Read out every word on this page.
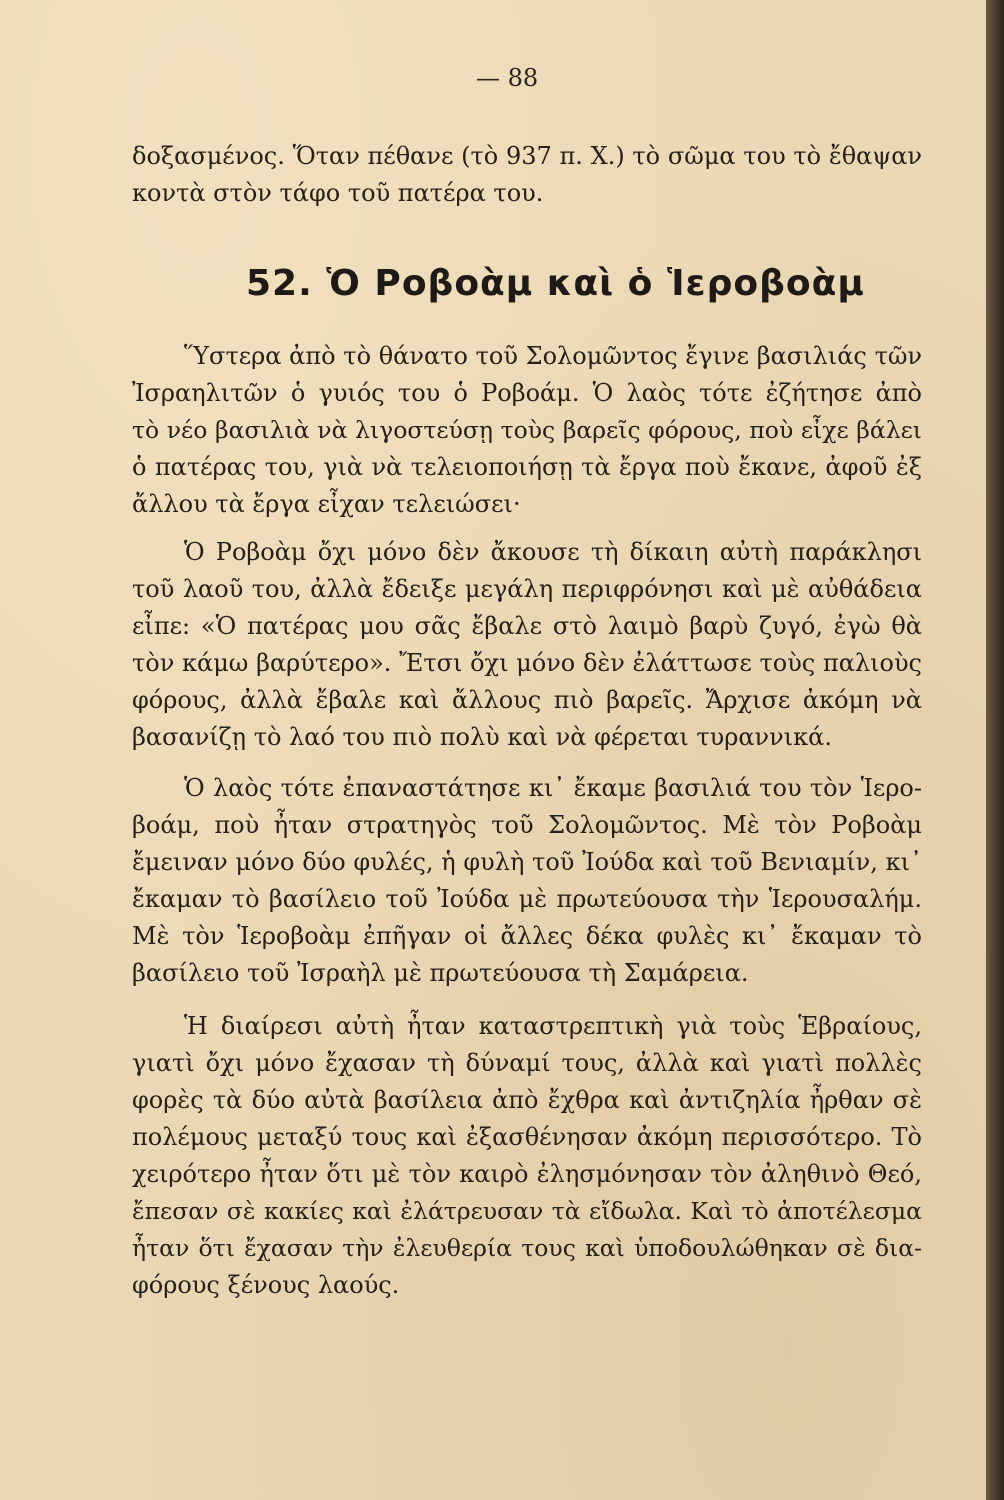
— 88
δοξασμένος. Ὅταν πέθανε (τὸ 937 π. Χ.) τὸ σῶμα του τὸ ἔθαψαν
κοντὰ στὸν τάφο τοῦ πατέρα του.
52. Ὁ Ροβοὰμ καὶ ὁ Ἱεροβοὰμ
Ὕστερα ἀπὸ τὸ θάνατο τοῦ Σολομῶντος ἔγινε βασιλιάς τῶν
Ἰσραηλιτῶν ὁ γυιός του ὁ Ροβοάμ. Ὁ λαὸς τότε ἐζήτησε ἀπὸ
τὸ νέο βασιλιὰ νὰ λιγοστεύσῃ τοὺς βαρεῖς φόρους, ποὺ εἶχε βάλει
ὁ πατέρας του, γιὰ νὰ τελειοποιήσῃ τὰ ἔργα ποὺ ἔκανε, ἀφοῦ ἐξ
ἄλλου τὰ ἔργα εἶχαν τελειώσει·
Ὁ Ροβοὰμ ὄχι μόνο δὲν ἄκουσε τὴ δίκαιη αὐτὴ παράκλησι
τοῦ λαοῦ του, ἀλλὰ ἔδειξε μεγάλη περιφρόνησι καὶ μὲ αὐθάδεια
εἶπε: «Ὁ πατέρας μου σᾶς ἔβαλε στὸ λαιμὸ βαρὺ ζυγό, ἐγὼ θὰ
τὸν κάμω βαρύτερο». Ἔτσι ὄχι μόνο δὲν ἐλάττωσε τοὺς παλιοὺς
φόρους, ἀλλὰ ἔβαλε καὶ ἄλλους πιὸ βαρεῖς. Ἄρχισε ἀκόμη νὰ
βασανίζῃ τὸ λαό του πιὸ πολὺ καὶ νὰ φέρεται τυραννικά.
Ὁ λαὸς τότε ἐπαναστάτησε κι᾿ ἔκαμε βασιλιά του τὸν Ἱερο-
βοάμ, ποὺ ἦταν στρατηγὸς τοῦ Σολομῶντος. Μὲ τὸν Ροβοὰμ
ἔμειναν μόνο δύο φυλές, ἡ φυλὴ τοῦ Ἰούδα καὶ τοῦ Βενιαμίν, κι᾿
ἔκαμαν τὸ βασίλειο τοῦ Ἰούδα μὲ πρωτεύουσα τὴν Ἱερουσαλήμ.
Μὲ τὸν Ἱεροβοὰμ ἐπῆγαν οἱ ἄλλες δέκα φυλὲς κι᾿ ἔκαμαν τὸ
βασίλειο τοῦ Ἰσραὴλ μὲ πρωτεύουσα τὴ Σαμάρεια.
Ἡ διαίρεσι αὐτὴ ἦταν καταστρεπτικὴ γιὰ τοὺς Ἑβραίους,
γιατὶ ὄχι μόνο ἔχασαν τὴ δύναμί τους, ἀλλὰ καὶ γιατὶ πολλὲς
φορὲς τὰ δύο αὐτὰ βασίλεια ἀπὸ ἔχθρα καὶ ἀντιζηλία ἦρθαν σὲ
πολέμους μεταξύ τους καὶ ἐξασθένησαν ἀκόμη περισσότερο. Τὸ
χειρότερο ἦταν ὅτι μὲ τὸν καιρὸ ἐλησμόνησαν τὸν ἀληθινὸ Θεό,
ἔπεσαν σὲ κακίες καὶ ἐλάτρευσαν τὰ εἴδωλα. Καὶ τὸ ἀποτέλεσμα
ἦταν ὅτι ἔχασαν τὴν ἐλευθερία τους καὶ ὑποδουλώθηκαν σὲ δια-
φόρους ξένους λαούς.
